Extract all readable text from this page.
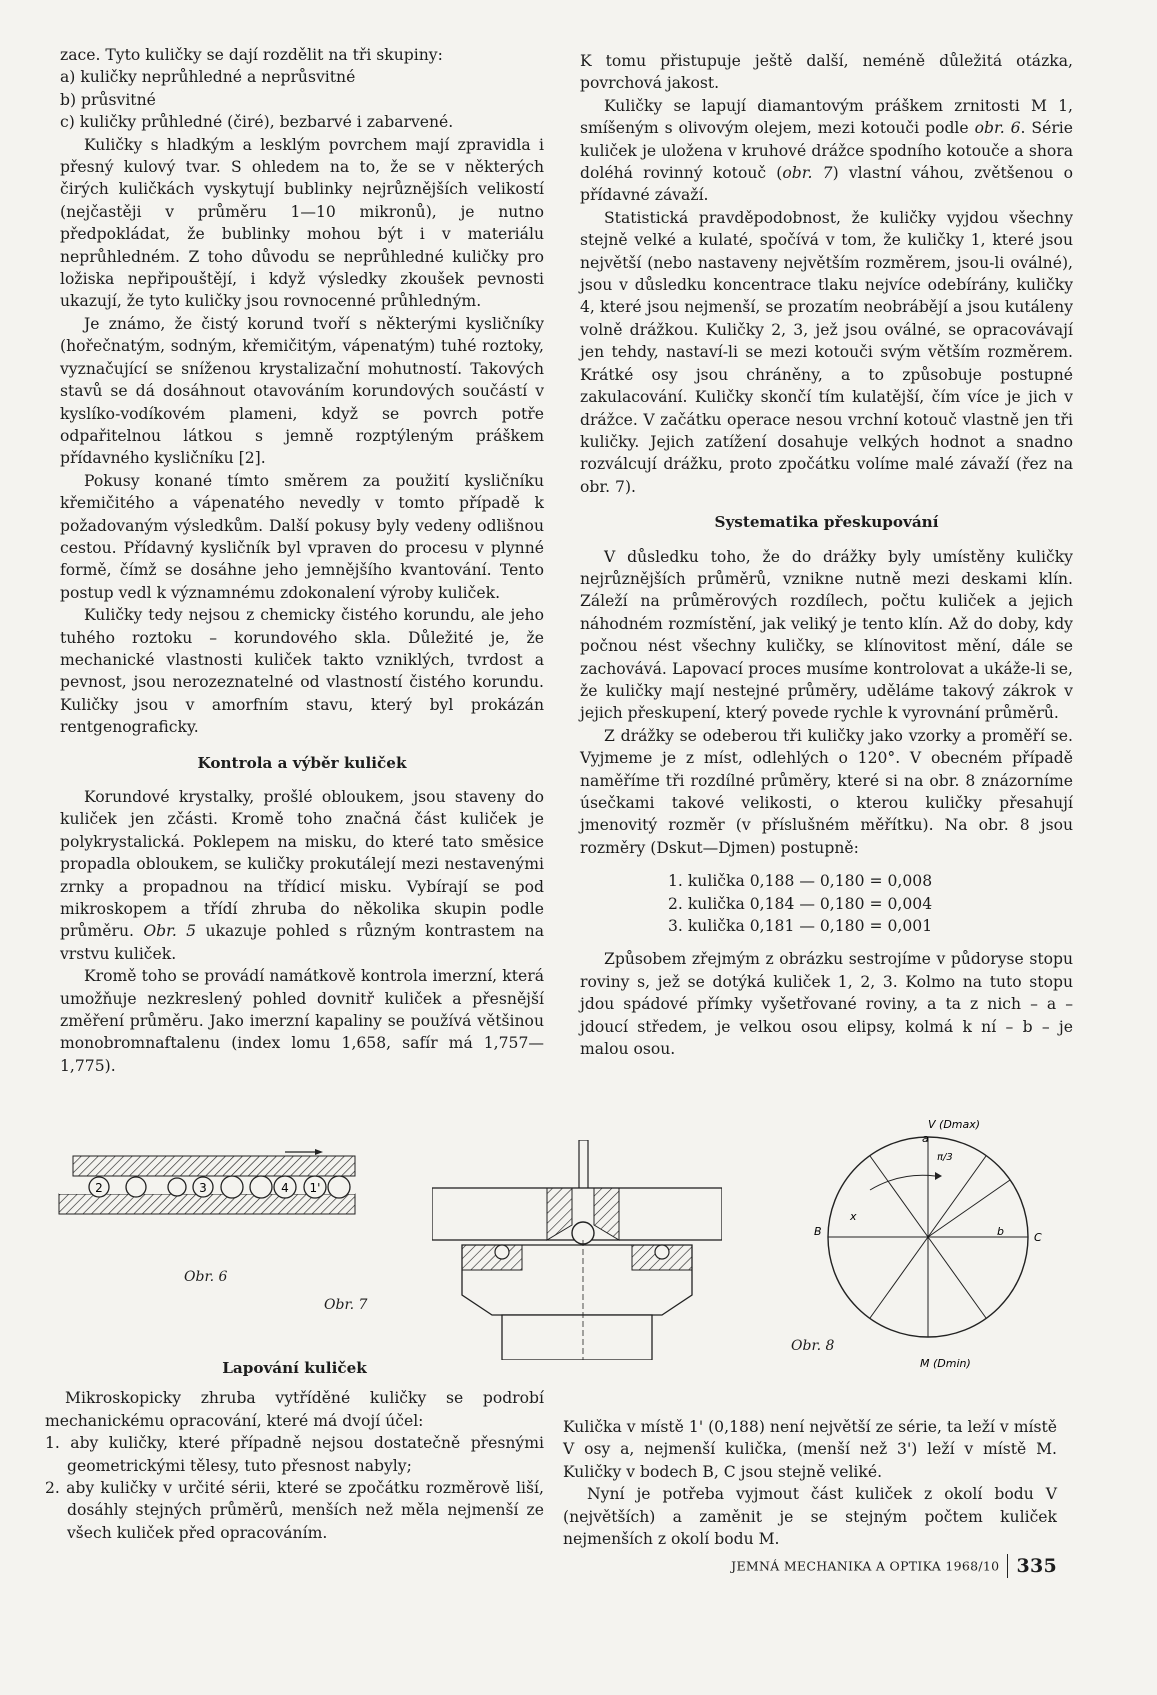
zace. Tyto kuličky se dají rozdělit na tři skupiny:

a) kuličky neprůhledné a neprůsvitné

b) průsvitné

c) kuličky průhledné (čiré), bezbarvé i zabarvené.

Kuličky s hladkým a lesklým povrchem mají zpravidla i přesný kulový tvar. S ohledem na to, že se v některých čirých kuličkách vyskytují bublinky nejrůznějších velikostí (nejčastěji v průměru 1—10 mikronů), je nutno předpokládat, že bublinky mohou být i v materiálu neprůhledném. Z toho důvodu se neprůhledné kuličky pro ložiska nepřipouštějí, i když výsledky zkoušek pevnosti ukazují, že tyto kuličky jsou rovnocenné průhledným.

Je známo, že čistý korund tvoří s některými kysličníky (hořečnatým, sodným, křemičitým, vápenatým) tuhé roztoky, vyznačující se sníženou krystalizační mohutností. Takových stavů se dá dosáhnout otavováním korundových součástí v kyslíko-vodíkovém plameni, když se povrch potře odpařitelnou látkou s jemně rozptýleným práškem přídavného kysličníku [2].

Pokusy konané tímto směrem za použití kysličníku křemičitého a vápenatého nevedly v tomto případě k požadovaným výsledkům. Další pokusy byly vedeny odlišnou cestou. Přídavný kysličník byl vpraven do procesu v plynné formě, čímž se dosáhne jeho jemnějšího kvantování. Tento postup vedl k významnému zdokonalení výroby kuliček.

Kuličky tedy nejsou z chemicky čistého korundu, ale jeho tuhého roztoku – korundového skla. Důležité je, že mechanické vlastnosti kuliček takto vzniklých, tvrdost a pevnost, jsou nerozeznatelné od vlastností čistého korundu. Kuličky jsou v amorfním stavu, který byl prokázán rentgenograficky.

Kontrola a výběr kuliček

Korundové krystalky, prošlé obloukem, jsou staveny do kuliček jen zčásti. Kromě toho značná část kuliček je polykrystalická. Poklepem na misku, do které tato směsice propadla obloukem, se kuličky prokutálejí mezi nestavenými zrnky a propadnou na třídicí misku. Vybírají se pod mikroskopem a třídí zhruba do několika skupin podle průměru. Obr. 5 ukazuje pohled s různým kontrastem na vrstvu kuliček.

Kromě toho se provádí namátkově kontrola imerzní, která umožňuje nezkreslený pohled dovnitř kuliček a přesnější změření průměru. Jako imerzní kapaliny se používá většinou monobromnaftalenu (index lomu 1,658, safír má 1,757—1,775).

2	3	4 1'
Obr. 6
Obr. 7
V (Dmax)
M (Dmin)
a
b
B	C
x
π/3
Obr. 8

Lapování kuliček

Mikroskopicky zhruba vytříděné kuličky se podrobí mechanickému opracování, které má dvojí účel:

1. aby kuličky, které případně nejsou dostatečně přesnými geometrickými tělesy, tuto přesnost nabyly;

2. aby kuličky v určité sérii, které se zpočátku rozměrově liší, dosáhly stejných průměrů, menších než měla nejmenší ze všech kuliček před opracováním.

K tomu přistupuje ještě další, neméně důležitá otázka, povrchová jakost.

Kuličky se lapují diamantovým práškem zrnitosti M 1, smíšeným s olivovým olejem, mezi kotouči podle obr. 6. Série kuliček je uložena v kruhové drážce spodního kotouče a shora doléhá rovinný kotouč (obr. 7) vlastní váhou, zvětšenou o přídavné závaží.

Statistická pravděpodobnost, že kuličky vyjdou všechny stejně velké a kulaté, spočívá v tom, že kuličky 1, které jsou největší (nebo nastaveny největším rozměrem, jsou-li oválné), jsou v důsledku koncentrace tlaku nejvíce odebírány, kuličky 4, které jsou nejmenší, se prozatím neobrábějí a jsou kutáleny volně drážkou. Kuličky 2, 3, jež jsou oválné, se opracovávají jen tehdy, nastaví-li se mezi kotouči svým větším rozměrem. Krátké osy jsou chráněny, a to způsobuje postupné zakulacování. Kuličky skončí tím kulatější, čím více je jich v drážce. V začátku operace nesou vrchní kotouč vlastně jen tři kuličky. Jejich zatížení dosahuje velkých hodnot a snadno rozválcují drážku, proto zpočátku volíme malé závaží (řez na obr. 7).

Systematika přeskupování

V důsledku toho, že do drážky byly umístěny kuličky nejrůznějších průměrů, vznikne nutně mezi deskami klín. Záleží na průměrových rozdílech, počtu kuliček a jejich náhodném rozmístění, jak veliký je tento klín. Až do doby, kdy počnou nést všechny kuličky, se klínovitost mění, dále se zachovává. Lapovací proces musíme kontrolovat a ukáže-li se, že kuličky mají nestejné průměry, uděláme takový zákrok v jejich přeskupení, který povede rychle k vyrovnání průměrů.

Z drážky se odeberou tři kuličky jako vzorky a proměří se. Vyjmeme je z míst, odlehlých o 120°. V obecném případě naměříme tři rozdílné průměry, které si na obr. 8 znázorníme úsečkami takové velikosti, o kterou kuličky přesahují jmenovitý rozměr (v příslušném měřítku). Na obr. 8 jsou rozměry (Dskut—Djmen) postupně:

1. kulička 0,188 — 0,180 = 0,008
2. kulička 0,184 — 0,180 = 0,004
3. kulička 0,181 — 0,180 = 0,001

Způsobem zřejmým z obrázku sestrojíme v půdoryse stopu roviny s, jež se dotýká kuliček 1, 2, 3. Kolmo na tuto stopu jdou spádové přímky vyšetřované roviny, a ta z nich – a – jdoucí středem, je velkou osou elipsy, kolmá k ní – b – je malou osou.

Kulička v místě 1' (0,188) není největší ze série, ta leží v místě V osy a, nejmenší kulička, (menší než 3') leží v místě M. Kuličky v bodech B, C jsou stejně veliké.

Nyní je potřeba vyjmout část kuliček z okolí bodu V (největších) a zaměnit je se stejným počtem kuliček nejmenších z okolí bodu M.

JEMNÁ MECHANIKA A OPTIKA 1968/10 335
